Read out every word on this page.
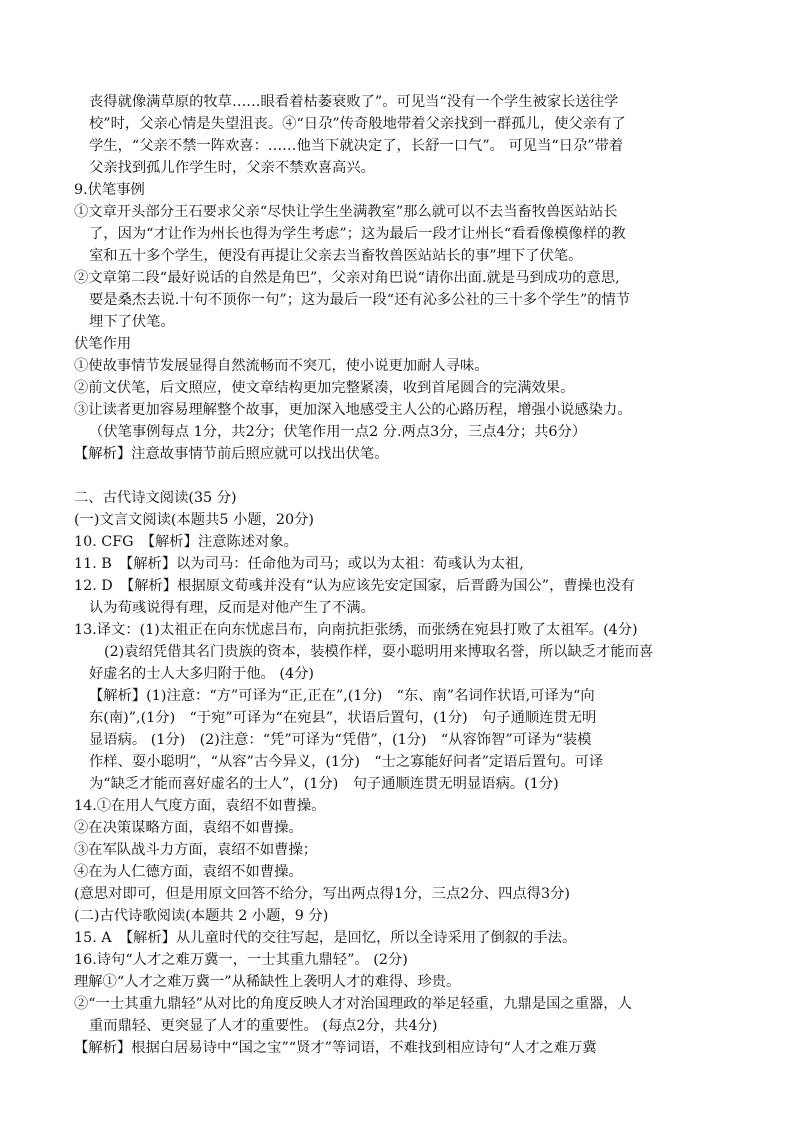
丧得就像满草原的牧草……眼看着枯萎衰败了”。可见当“没有一个学生被家长送往学
校”时，父亲心情是失望沮丧。④“日尕”传奇般地带着父亲找到一群孤儿，使父亲有了
学生，“父亲不禁一阵欢喜：……他当下就决定了，长舒一口气”。 可见当“日尕”带着
父亲找到孤儿作学生时，父亲不禁欢喜高兴。
9.伏笔事例
①文章开头部分王石要求父亲“尽快让学生坐满教室”那么就可以不去当畜牧兽医站站长
了，因为“才让作为州长也得为学生考虑”；这为最后一段才让州长“看看像模像样的教
室和五十多个学生，便没有再提让父亲去当畜牧兽医站站长的事”埋下了伏笔。
②文章第二段“最好说话的自然是角巴”，父亲对角巴说“请你出面.就是马到成功的意思,
要是桑杰去说.十句不顶你一句”；这为最后一段“还有沁多公社的三十多个学生”的情节
埋下了伏笔。
伏笔作用
①使故事情节发展显得自然流畅而不突兀，使小说更加耐人寻味。
②前文伏笔，后文照应，使文章结构更加完整紧凑，收到首尾圆合的完满效果。
③让读者更加容易理解整个故事，更加深入地感受主人公的心路历程，增强小说感染力。
（伏笔事例每点 1分，共2分；伏笔作用一点2 分.两点3分，三点4分；共6分）
【解析】注意故事情节前后照应就可以找出伏笔。
二、古代诗文阅读(35 分)
(一)文言文阅读(本题共5 小题，20分)
10. CFG　【解析】注意陈述对象。
11. B　【解析】以为司马：任命他为司马；或以为太祖：荀彧认为太祖,
12. D　【解析】根据原文荀彧并没有“认为应该先安定国家，后晋爵为国公”，曹操也没有
认为荀彧说得有理，反而是对他产生了不满。
13.译文：(1)太祖正在向东忧虑吕布，向南抗拒张绣，而张绣在宛县打败了太祖军。(4分)
(2)袁绍凭借其名门贵族的资本，装模作样，耍小聪明用来博取名誉，所以缺乏才能而喜
好虚名的士人大多归附于他。 (4分)
【解析】(1)注意：“方”可译为“正,正在”,(1分)　“东、南”名词作状语,可译为“向
东(南)”,(1分)　“于宛”可译为“在宛县”，状语后置句，(1分)　句子通顺连贯无明
显语病。 (1分)　(2)注意：“凭”可译为“凭借”，(1分)　“从容饰智”可译为“装模
作样、耍小聪明”，“从容”古今异义，(1分)　“士之寡能好问者”定语后置句。可译
为“缺乏才能而喜好虚名的士人”，(1分)　句子通顺连贯无明显语病。(1分)
14.①在用人气度方面，袁绍不如曹操。
②在决策谋略方面，袁绍不如曹操。
③在军队战斗力方面，袁绍不如曹操；
④在为人仁德方面，袁绍不如曹操。
(意思对即可，但是用原文回答不给分，写出两点得1分，三点2分、四点得3分)
(二)古代诗歌阅读(本题共 2 小题，9 分)
15. A　【解析】从儿童时代的交往写起，是回忆，所以全诗采用了倒叙的手法。
16.诗句“人才之难万冀一，一士其重九鼎轻”。 (2分)
理解①“人才之难万冀一”从稀缺性上袭明人才的难得、珍贵。
②“一士其重九鼎轻”从对比的角度反映人才对治国理政的举足轻重，九鼎是国之重器，人
重而鼎轻、更突显了人才的重要性。 (每点2分，共4分)
【解析】根据白居易诗中“国之宝”“贤才”等词语，不难找到相应诗句“人才之难万冀
